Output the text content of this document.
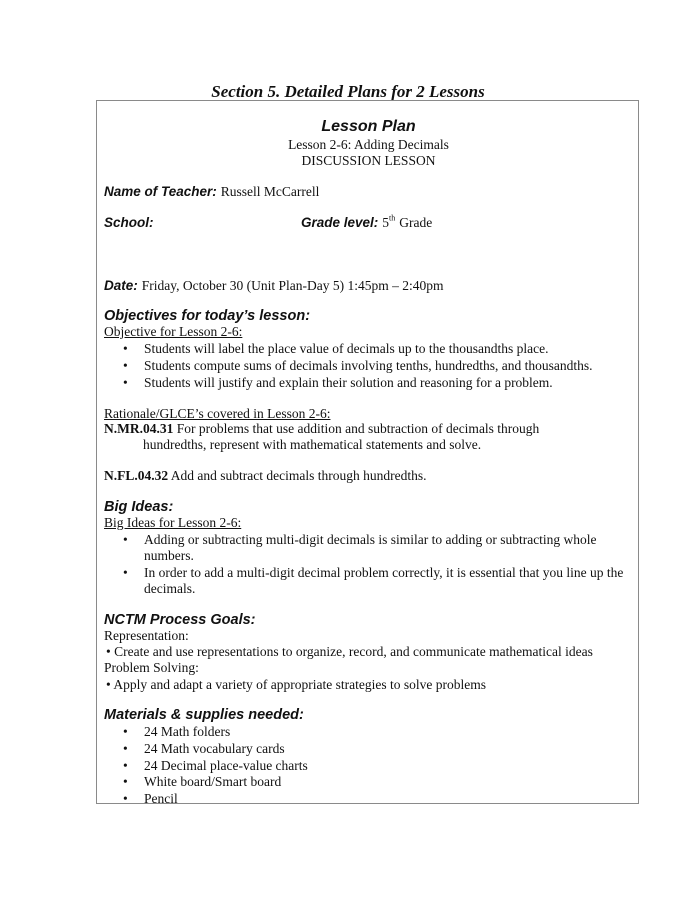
Section 5. Detailed Plans for 2 Lessons
Lesson Plan
Lesson 2-6: Adding Decimals
DISCUSSION LESSON
Name of Teacher: Russell McCarrell
School:	Grade level: 5th Grade
Date: Friday, October 30 (Unit Plan-Day 5) 1:45pm – 2:40pm
Objectives for today’s lesson:
Objective for Lesson 2-6:
• Students will label the place value of decimals up to the thousandths place.
• Students compute sums of decimals involving tenths, hundredths, and thousandths.
• Students will justify and explain their solution and reasoning for a problem.
Rationale/GLCE’s covered in Lesson 2-6:
N.MR.04.31 For problems that use addition and subtraction of decimals through
hundredths, represent with mathematical statements and solve.
N.FL.04.32 Add and subtract decimals through hundredths.
Big Ideas:
Big Ideas for Lesson 2-6:
• Adding or subtracting multi-digit decimals is similar to adding or subtracting whole
numbers.
• In order to add a multi-digit decimal problem correctly, it is essential that you line up the
decimals.
NCTM Process Goals:
Representation:
• Create and use representations to organize, record, and communicate mathematical ideas
Problem Solving:
• Apply and adapt a variety of appropriate strategies to solve problems
Materials & supplies needed:
• 24 Math folders
• 24 Math vocabulary cards
• 24 Decimal place-value charts
• White board/Smart board
• Pencil
